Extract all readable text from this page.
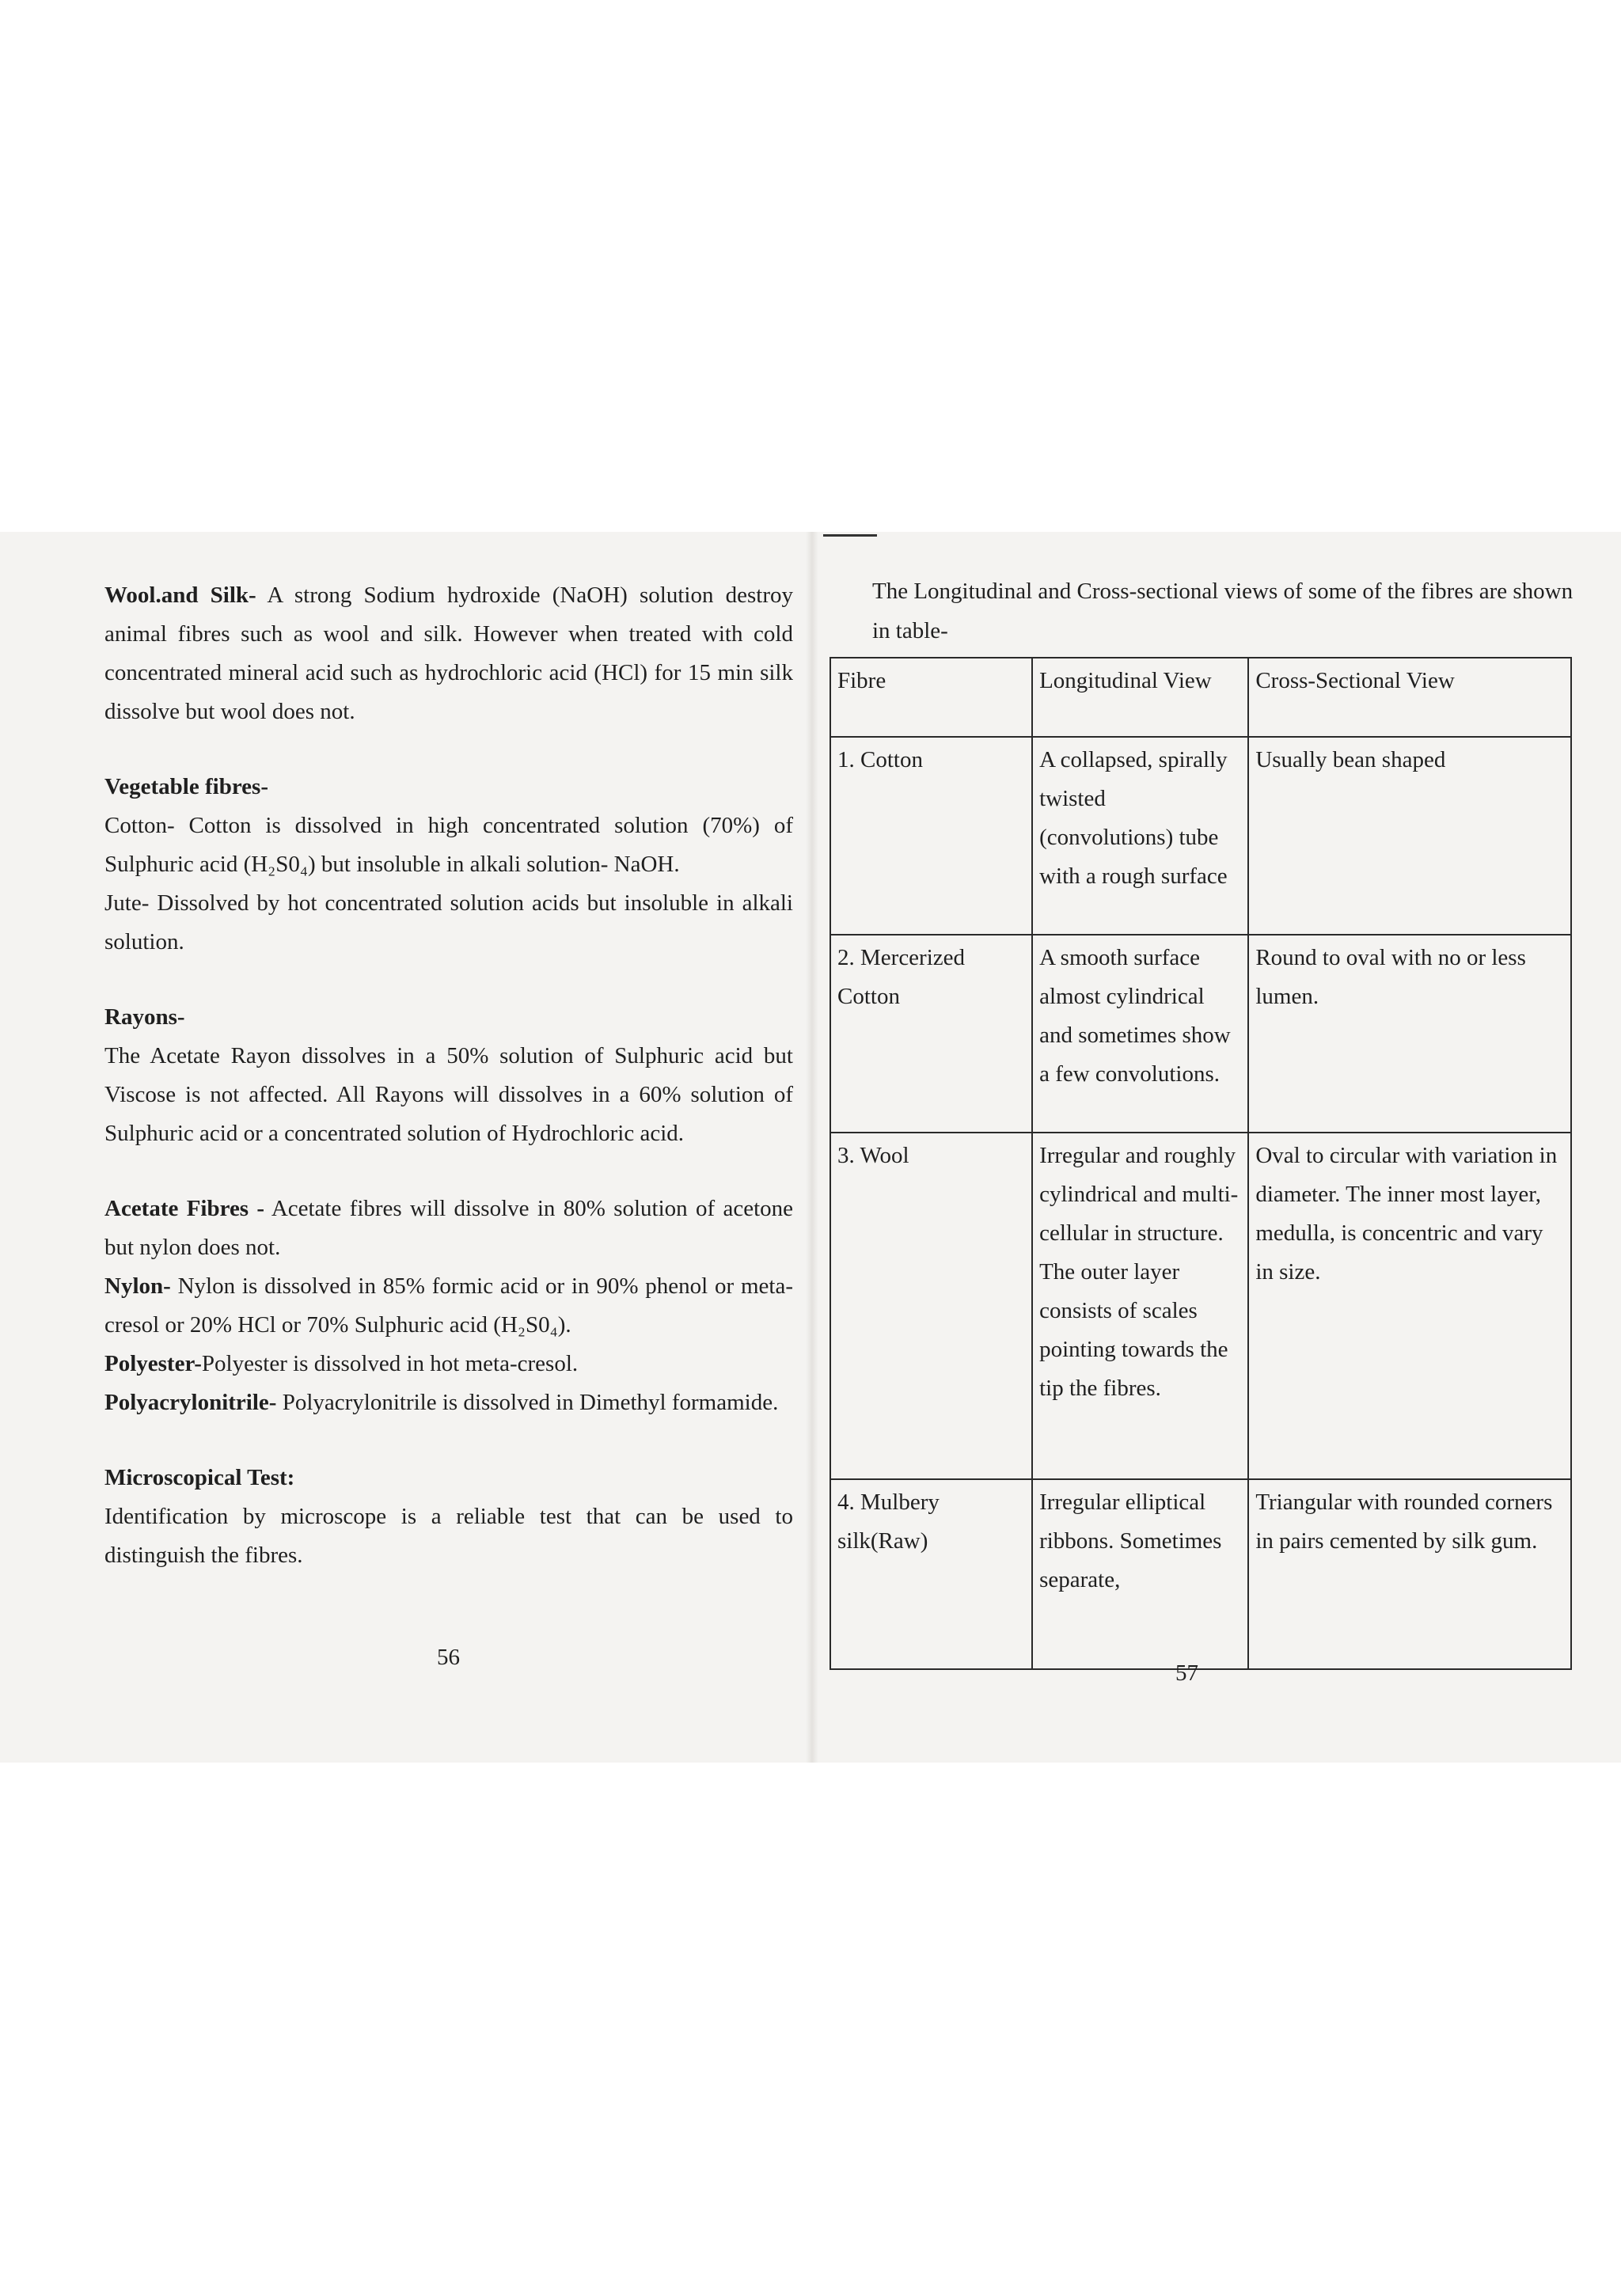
Wool.and Silk- A strong Sodium hydroxide (NaOH) solution destroy animal fibres such as wool and silk. However when treated with cold concentrated mineral acid such as hydrochloric acid (HCl) for 15 min silk dissolve but wool does not.

Vegetable fibres-

Cotton- Cotton is dissolved in high concentrated solution (70%) of Sulphuric acid (H₂S0₄) but insoluble in alkali solution- NaOH.

Jute- Dissolved by hot concentrated solution acids but insoluble in alkali solution.

Rayons-

The Acetate Rayon dissolves in a 50% solution of Sulphuric acid but Viscose is not affected. All Rayons will dissolves in a 60% solution of Sulphuric acid or a concentrated solution of Hydrochloric acid.

Acetate Fibres - Acetate fibres will dissolve in 80% solution of acetone but nylon does not.

Nylon- Nylon is dissolved in 85% formic acid or in 90% phenol or meta-cresol or 20% HCl or 70% Sulphuric acid (H₂S0₄).

Polyester-Polyester is dissolved in hot meta-cresol.

Polyacrylonitrile- Polyacrylonitrile is dissolved in Dimethyl formamide.

Microscopical Test:

Identification by microscope is a reliable test that can be used to distinguish the fibres.

56

The Longitudinal and Cross-sectional views of some of the fibres are shown in table-

Fibre	Longitudinal View	Cross-Sectional View
1. Cotton	A collapsed, spirally twisted (convolutions) tube with a rough surface	Usually bean shaped
2. Mercerized Cotton	A smooth surface almost cylindrical and sometimes show a few convolutions.	Round to oval with no or less lumen.
3. Wool	Irregular and roughly cylindrical and multi-cellular in structure. The outer layer consists of scales pointing towards the tip the fibres.	Oval to circular with variation in diameter. The inner most layer, medulla, is concentric and vary in size.
4. Mulbery silk(Raw)	Irregular elliptical ribbons. Sometimes separate,	Triangular with rounded corners in pairs cemented by silk gum.
57
